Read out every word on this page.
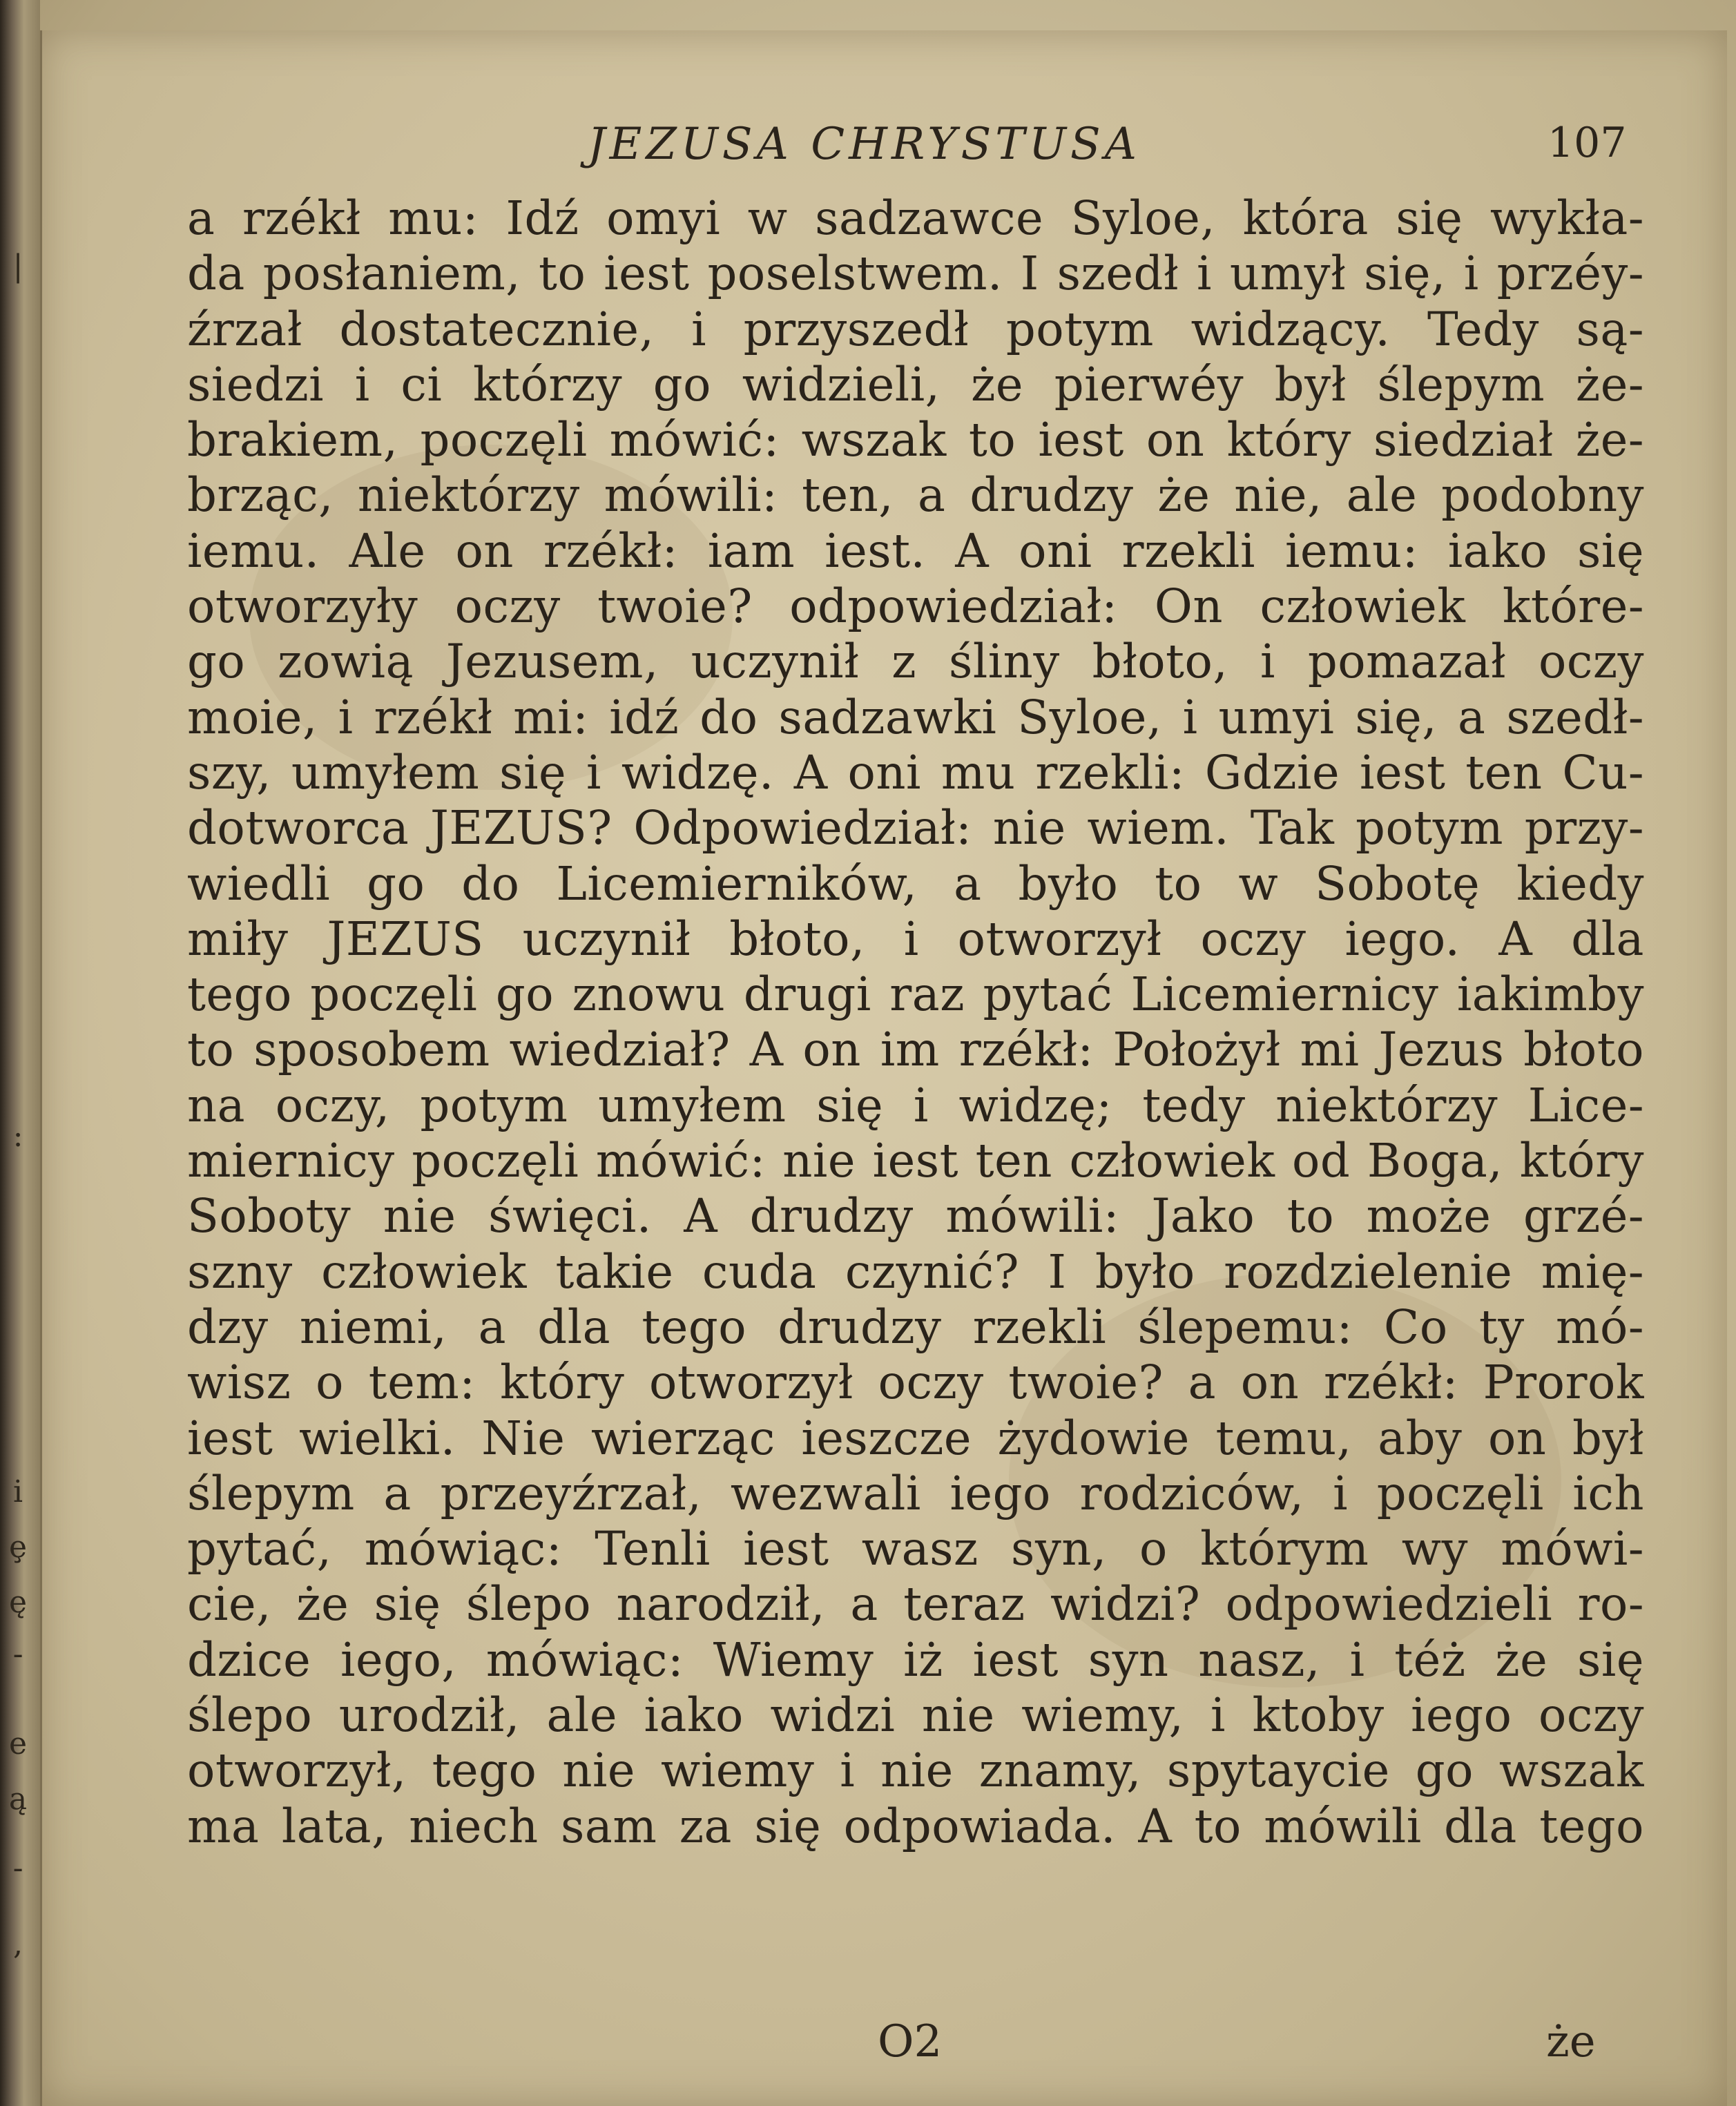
|
:
i
ȩ
ę
-
e
ą
-
,
JEZUSA CHRYSTUSA	107
a rzékł mu: Idź omyi w sadzawce Syloe, która się wykła-
da posłaniem, to iest poselstwem. I szedł i umył się, i przéy-
źrzał dostatecznie, i przyszedł potym widzący. Tedy są-
siedzi i ci którzy go widzieli, że pierwéy był ślepym że-
brakiem, poczęli mówić: wszak to iest on który siedział że-
brząc, niektórzy mówili: ten, a drudzy że nie, ale podobny
iemu. Ale on rzékł: iam iest. A oni rzekli iemu: iako się
otworzyły oczy twoie? odpowiedział: On człowiek które-
go zowią Jezusem, uczynił z śliny błoto, i pomazał oczy
moie, i rzékł mi: idź do sadzawki Syloe, i umyi się, a szedł-
szy, umyłem się i widzę. A oni mu rzekli: Gdzie iest ten Cu-
dotworca JEZUS? Odpowiedział: nie wiem. Tak potym przy-
wiedli go do Licemierników, a było to w Sobotę kiedy
miły JEZUS uczynił błoto, i otworzył oczy iego. A dla
tego poczęli go znowu drugi raz pytać Licemiernicy iakimby
to sposobem wiedział? A on im rzékł: Położył mi Jezus błoto
na oczy, potym umyłem się i widzę; tedy niektórzy Lice-
miernicy poczęli mówić: nie iest ten człowiek od Boga, który
Soboty nie święci. A drudzy mówili: Jako to może grzé-
szny człowiek takie cuda czynić? I było rozdzielenie mię-
dzy niemi, a dla tego drudzy rzekli ślepemu: Co ty mó-
wisz o tem: który otworzył oczy twoie? a on rzékł: Prorok
iest wielki. Nie wierząc ieszcze żydowie temu, aby on był
ślepym a przeyźrzał, wezwali iego rodziców, i poczęli ich
pytać, mówiąc: Tenli iest wasz syn, o którym wy mówi-
cie, że się ślepo narodził, a teraz widzi? odpowiedzieli ro-
dzice iego, mówiąc: Wiemy iż iest syn nasz, i téż że się
ślepo urodził, ale iako widzi nie wiemy, i ktoby iego oczy
otworzył, tego nie wiemy i nie znamy, spytaycie go wszak
ma lata, niech sam za się odpowiada. A to mówili dla tego
O2	że
